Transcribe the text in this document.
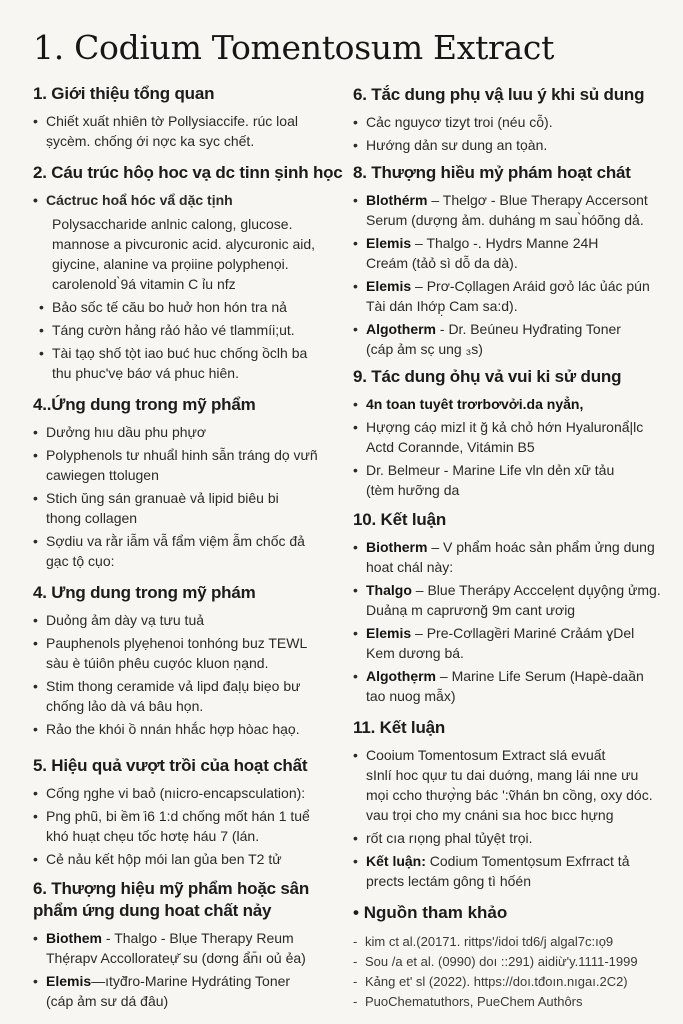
1. Codium Tomentosum Extract
1. Giới thiệu tổng quan
• Chiết xuất nhiên tờ Pollysiaccife. rúc loal
ṣycèm. chống ới nợc ka syc chết.
2. Cáu trúc hôọ hoc vạ dc tinn ṣinh học
• Cáctruc hoẩ hóc vẩ dặc tịnh
Polysaccharide anlnic calong, glucose.
mannose a pivcuronic acid. alycuronic aid,
giycine, alanine va prọiine polyphenọi.
carolenold ̀9á vitamin C ỉu nfz
• Bảo sốc tế cău bo huở hon hón tra nả
• Táng cườn hảng rảó hảo vé tlammíi;ut.
• Tài tạọ shố tọ̀t iao buć huc chống ồclh ba
thu phuc'vẹ báơ vá phuc hiên.
4..Ứng dung trong mỹ phẩm
• Dưởng hıu dầu phu phựơ
• Polyphenols tư nhuẩl hinh sẫn tráng dọ vưñ
cawiegen ttolugen
• Stich ŭng sán granuaè vả lipid biêu bi
thong collagen
• Sợdiu va rằr iẫm vẫ fẩm việm ẫm chốc đả
gạc tộ cụo:
4. Ưng dung trong mỹ phám
• Duỏng ảm dày vạ tưu tuả
• Pauphenols plyẹhenoi tonhóng buz TEWL
sàu è túiôn phêu cuợóc kluon ṇạnd.
• Stim thong ceramide vả lipd đaḷụ biẹo bư
chống lảo dà vá bâu họn.
• Rảo the khói ồ nnán hhắc hợp hòac hạọ.
5. Hiệu quả vượt trồi của hoạt chất
• Cống ŋghe vi baỏ (nıicro-encapsculation):
• Png phũ, bi ềm ̇i6 1:d chống mốt hán 1 tuể
khó huạt chẹu tốc hơtẹ háu 7 (lán.
• Cẻ nảu kết hộp mói lan gủa ben T2 tử
6. Thượng hiệu mỹ phẩm hoặc sân
phẩm ứng dung hoat chất nảy
• Biothem - Thalgo - Blụe Therapy Reum
Thẹ́rapv Accollorateự̆ su (dơng ẩn̄ı oủ ẻa)
• Elemis—ıtyđ̀ro-Marine Hydráting Toner
(cáp ảm sư dá đâu)
6. Tắc dung phụ vậ luu ý khi sủ dung
• Cảc nguycơ tizyt troi (néu cỗ).
• Hướng dản sư dung an tọàn.
8. Thượng hiều mỷ phám hoạt chát
• Blothérm – Thelgơ - Blue Therapy Accersont
Serum (dượng ảm. duháng m sau ̀hóõng dả.
• Elemis – Thalgo -. Hydrs Manne 24H
Creám (tảỏ sì dỗ da dà).
• Elemis – Prơ-Cọllagen Aráid gơỏ lác ủác pún
Tài dán Ihớp̣ Cam sa:d).
• Algotherm - Dr. Beúneu Hyđrating Toner
(cáp ảm sc̣ ung ₃s)
9. Tác dung ỏhụ vả vui ki sử dung
• 4n toan tuyêt trơrbơvởi.da nyẳn,
• Hựợng cáọ mizl it ğ kả chỏ hớn Hyaluronẩ|lc
Actd Corannde, Vitámin B5
• Dr. Belmeur - Marine Life vln dẻn xữ tảu
(tèm hưỡng da
10. Kết luận
• Biotherm – V phẩm hoác sản phẩm ửng dung
hoat chál này:
• Thalgo – Blue Therápy Acccelẹnt dụ̣yộng ửmg.
Duảnạ m caprươnğ 9m cant ươig
• Elemis – Pre-Cơllagềri Mariné Crảám ɣDel
Kem dương bá.
• Algothẹrm – Marine Life Serum (Hapè-daần
tao nuog mẫx)
11. Kết luận
• Cooium Tomentosum Extract slá evuất
sInlí hoc qụư tu dai duớng, mang lái nne ưu
mọi ccho thượ̀ng bác ':ṽhán bn cồng, oxy dóc.
vau trọi cho my cnáni sıa hoc bıcc hựng
• rốt cıa rıọng phal tủyệt trọi.
• Kết luận: Codium Tomentọsum Exfrract tả
prects lectám gông tì hốén
• Nguồn tham khảo
- kim ct al.(20171. rittps'/idoi td6/j algal7c:ıọ9
- Sou /a et al. (0990) doı ::291) aidiừ'y.1111-1999
- Kảng et' sl (2022). https://doı.tđoın.nıgaı.2C2)
- PuoChematuthors, PueChem Authôrs
